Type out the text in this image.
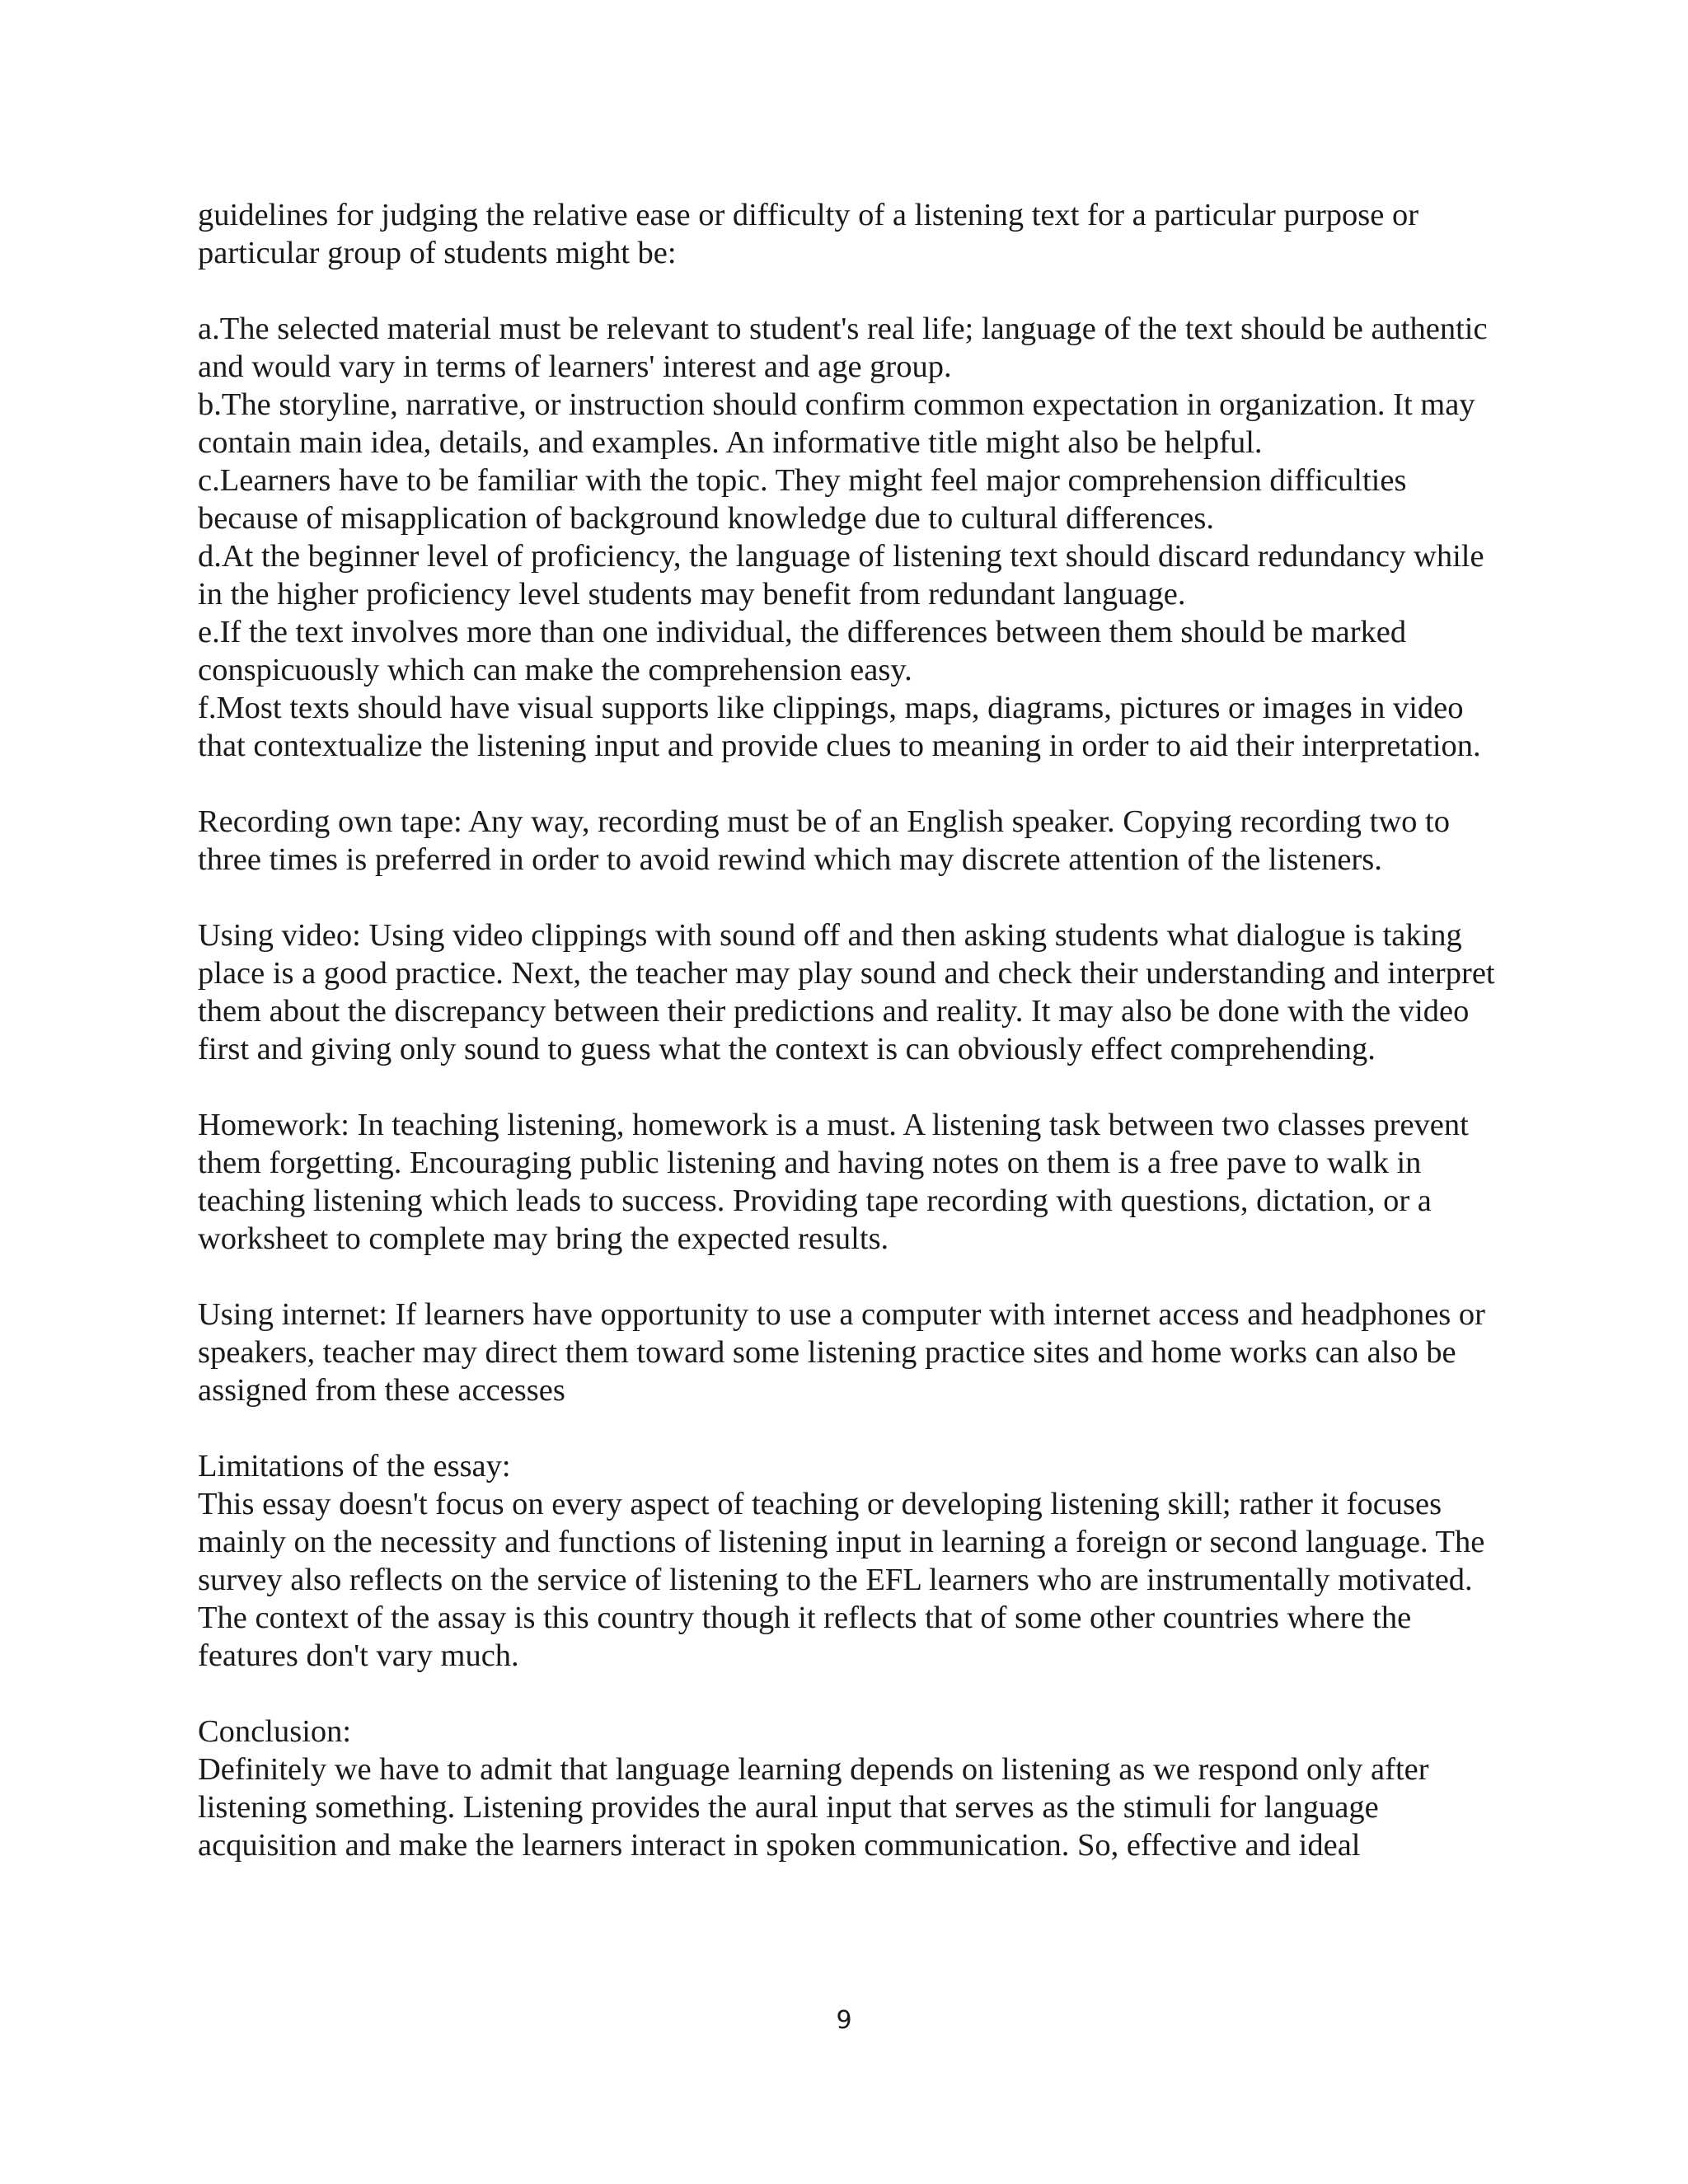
guidelines for judging the relative ease or difficulty of a listening text for a particular purpose or particular group of students might be:

a.The selected material must be relevant to student's real life; language of the text should be authentic and would vary in terms of learners' interest and age group.

b.The storyline, narrative, or instruction should confirm common expectation in organization. It may contain main idea, details, and examples. An informative title might also be helpful.

c.Learners have to be familiar with the topic. They might feel major comprehension difficulties because of misapplication of background knowledge due to cultural differences.

d.At the beginner level of proficiency, the language of listening text should discard redundancy while in the higher proficiency level students may benefit from redundant language.

e.If the text involves more than one individual, the differences between them should be marked conspicuously which can make the comprehension easy.

f.Most texts should have visual supports like clippings, maps, diagrams, pictures or images in video that contextualize the listening input and provide clues to meaning in order to aid their interpretation.

Recording own tape: Any way, recording must be of an English speaker. Copying recording two to three times is preferred in order to avoid rewind which may discrete attention of the listeners.

Using video: Using video clippings with sound off and then asking students what dialogue is taking place is a good practice. Next, the teacher may play sound and check their understanding and interpret them about the discrepancy between their predictions and reality. It may also be done with the video first and giving only sound to guess what the context is can obviously effect comprehending.

Homework: In teaching listening, homework is a must. A listening task between two classes prevent them forgetting. Encouraging public listening and having notes on them is a free pave to walk in teaching listening which leads to success. Providing tape recording with questions, dictation, or a worksheet to complete may bring the expected results.

Using internet: If learners have opportunity to use a computer with internet access and headphones or speakers, teacher may direct them toward some listening practice sites and home works can also be assigned from these accesses

Limitations of the essay:

This essay doesn't focus on every aspect of teaching or developing listening skill; rather it focuses mainly on the necessity and functions of listening input in learning a foreign or second language. The survey also reflects on the service of listening to the EFL learners who are instrumentally motivated. The context of the assay is this country though it reflects that of some other countries where the features don't vary much.

Conclusion:

Definitely we have to admit that language learning depends on listening as we respond only after listening something. Listening provides the aural input that serves as the stimuli for language acquisition and make the learners interact in spoken communication. So, effective and ideal

9
